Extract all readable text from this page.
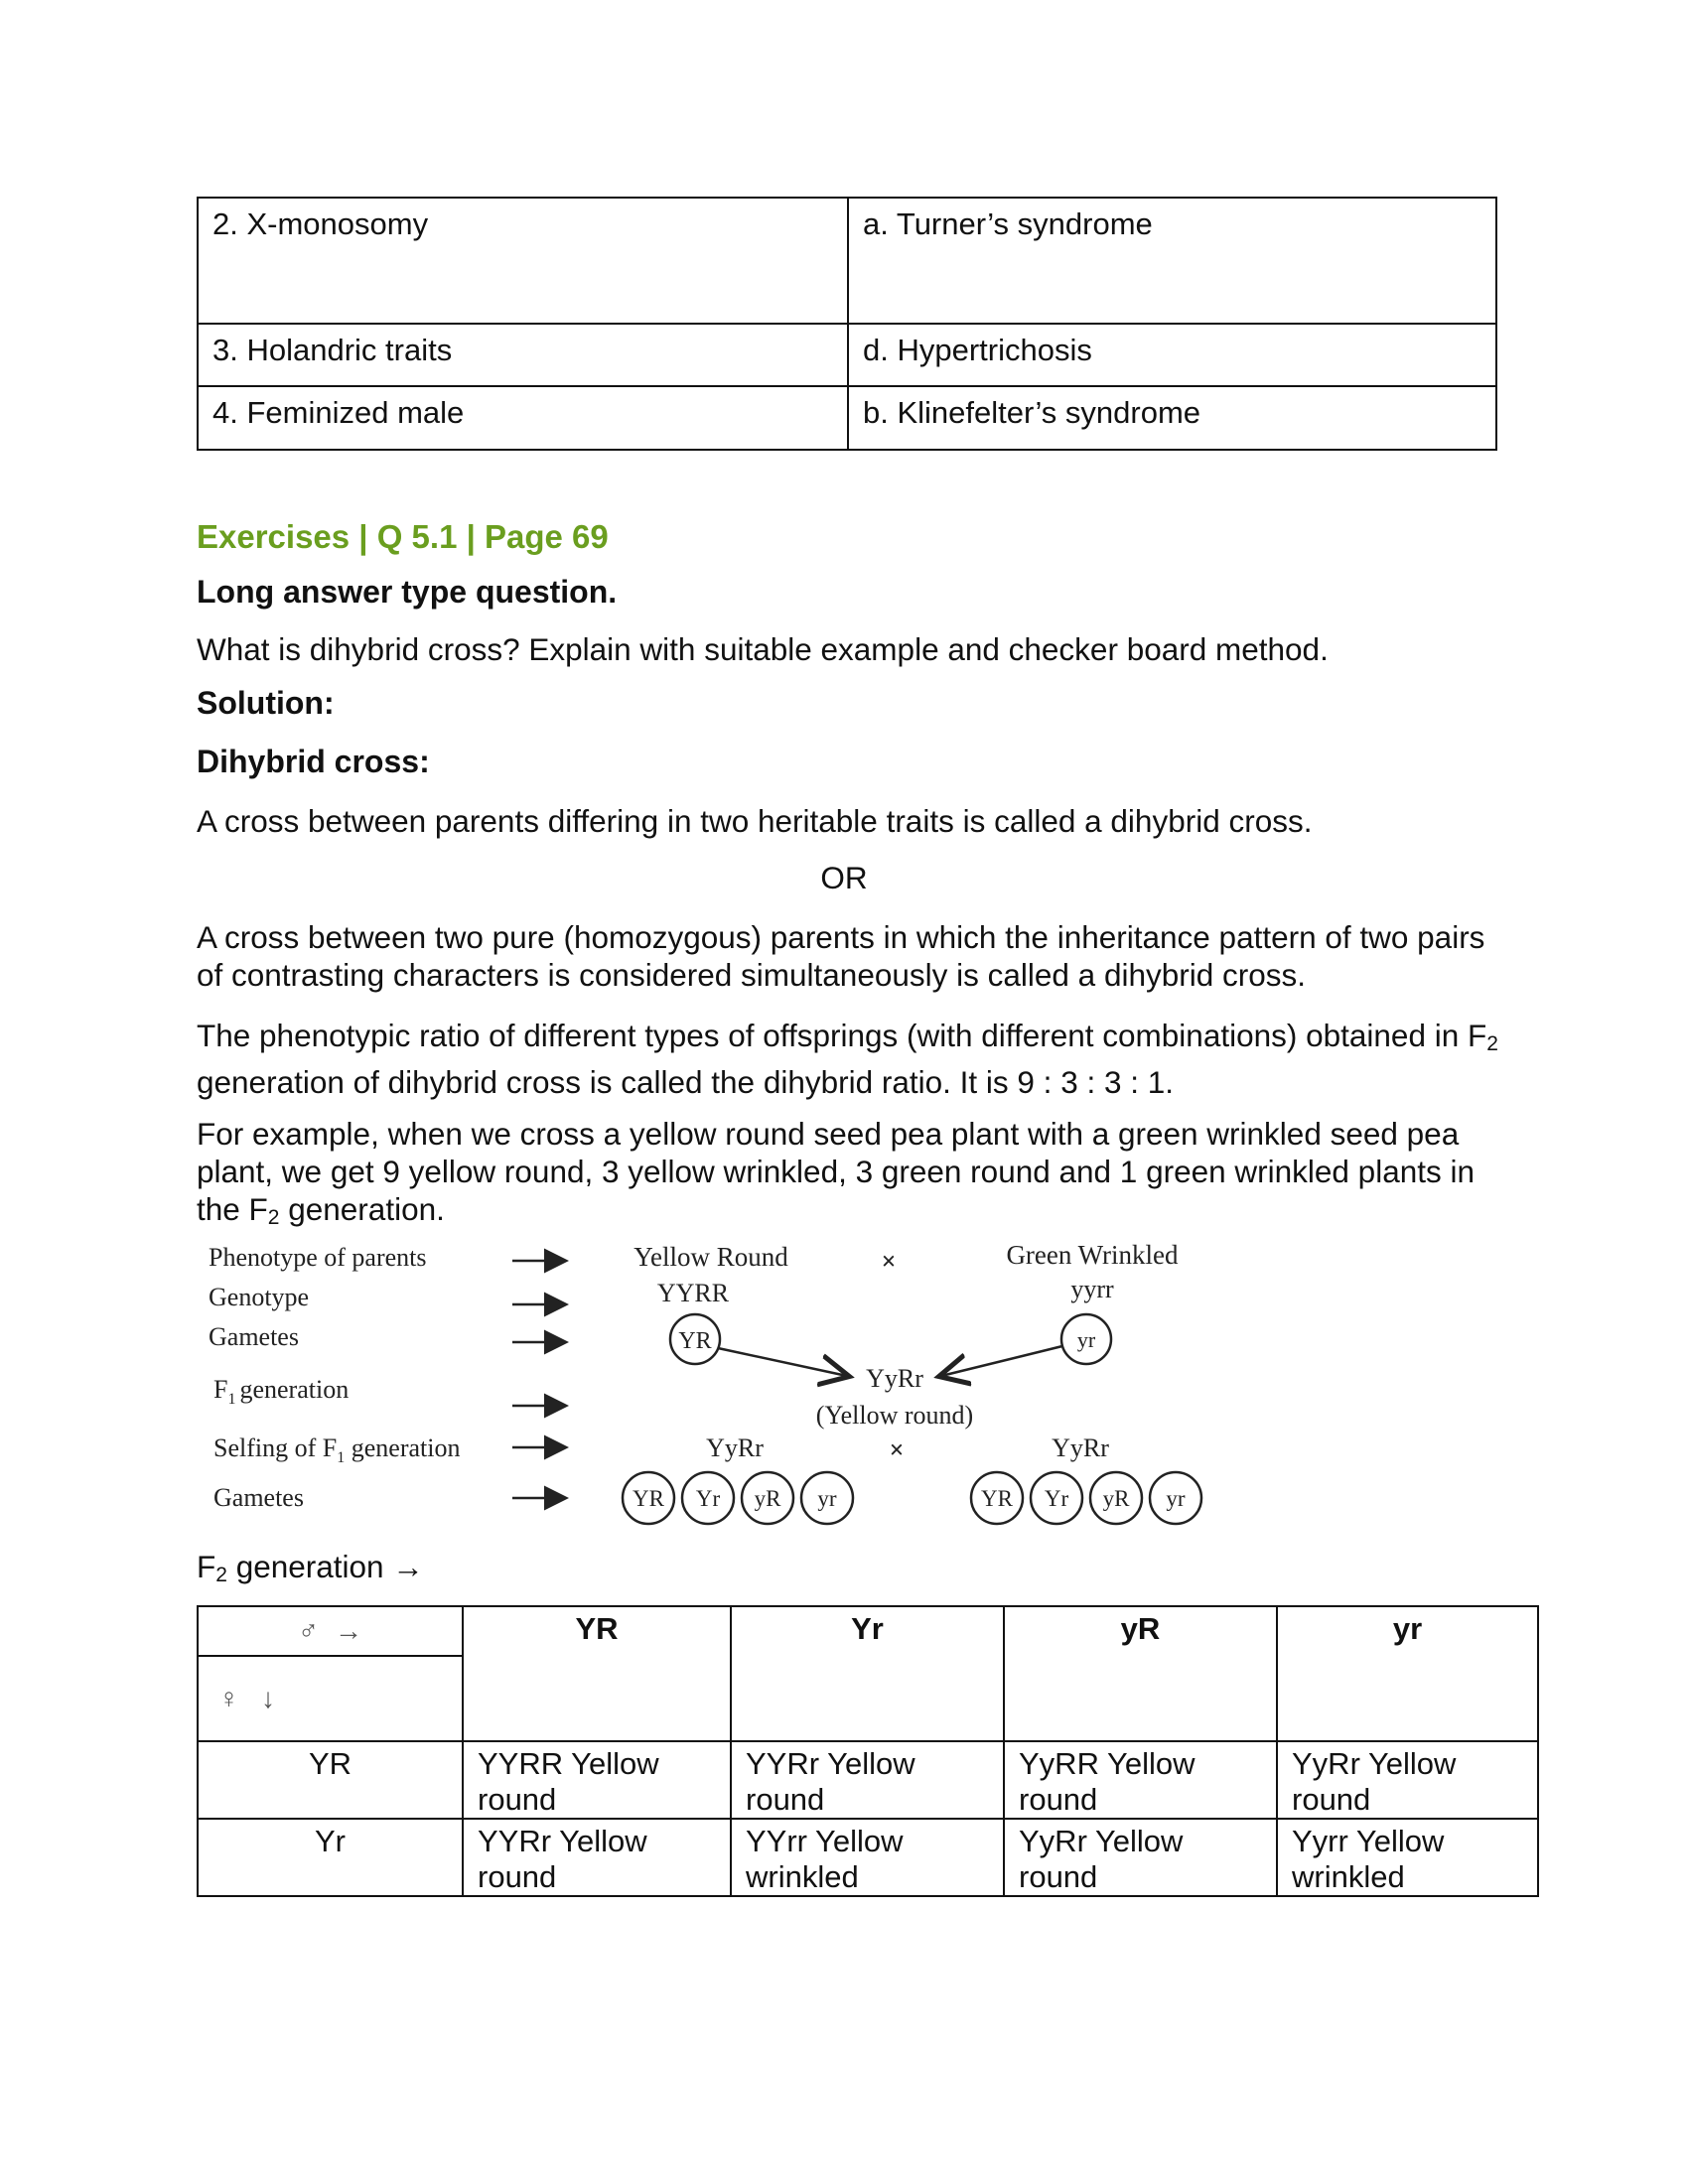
2. X-monosomy	a. Turner’s syndrome
3. Holandric traits	d. Hypertrichosis
4. Feminized male	b. Klinefelter’s syndrome
Exercises | Q 5.1 | Page 69
Long answer type question.
What is dihybrid cross? Explain with suitable example and checker board method.
Solution:
Dihybrid cross:
A cross between parents differing in two heritable traits is called a dihybrid cross.
OR
A cross between two pure (homozygous) parents in which the inheritance pattern of two pairs of contrasting characters is considered simultaneously is called a dihybrid cross.
The phenotypic ratio of different types of offsprings (with different combinations) obtained in $F_2$ generation of dihybrid cross is called the dihybrid ratio. It is 9 : 3 : 3 : 1.
For example, when we cross a yellow round seed pea plant with a green wrinkled seed pea plant, we get 9 yellow round, 3 yellow wrinkled, 3 green round and 1 green wrinkled plants in the $F_2$ generation.
Phenotype of parents
Genotype
Gametes
$F_1$ generation
Selfing of $F_1$ generation
Gametes
Yellow Round
YYRR
×	Green Wrinkled
yyrr
YR	yr
YyRr
(Yellow round)
YyRr	×	YyRr
YR Yr yR yr	YR Yr yR yr
$F_2$ generation →
♂ →
♀ ↓	YR	Yr	yR	yr
YR	YYRR Yellow round	YYRr Yellow round	YyRR Yellow round	YyRr Yellow round
Yr	YYRr Yellow round	YYrr Yellow wrinkled	YyRr Yellow round	Yyrr Yellow wrinkled
